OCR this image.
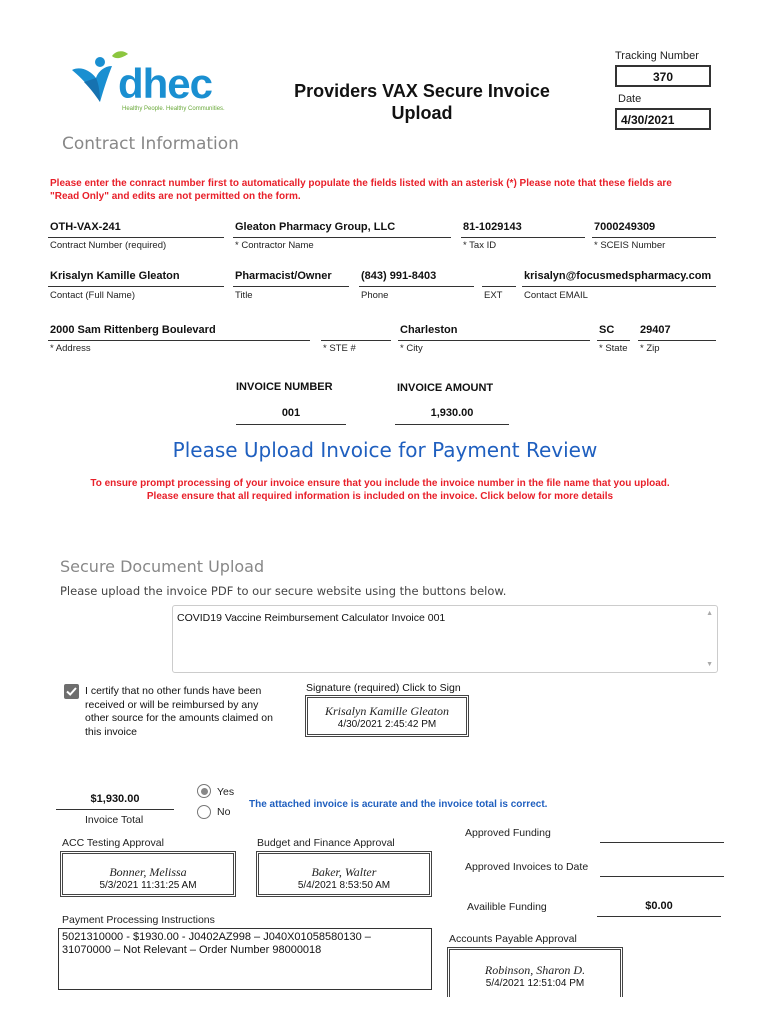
dhec
Healthy People. Healthy Communities.
Providers VAX Secure Invoice
Upload
Tracking Number
370
Date
4/30/2021
Contract Information
Please enter the conract number first to automatically populate the fields listed with an asterisk (*) Please note that these fields are "Read Only" and edits are not permitted on the form.
OTH-VAX-241
Contract Number (required)
Gleaton Pharmacy Group, LLC
* Contractor Name
81-1029143
* Tax ID
7000249309
* SCEIS Number
Krisalyn Kamille Gleaton
Contact (Full Name)
Pharmacist/Owner
Title
(843) 991-8403
Phone	EXT
krisalyn@focusmedspharmacy.com
Contact EMAIL
2000 Sam Rittenberg Boulevard
* Address	* STE #
Charleston
* City
SC
* State
29407
* Zip
INVOICE NUMBER
001
INVOICE AMOUNT
1,930.00
Please Upload Invoice for Payment Review
To ensure prompt processing of your invoice ensure that you include the invoice number in the file name that you upload.
Please ensure that all required information is included on the invoice. Click below for more details
Secure Document Upload
Please upload the invoice PDF to our secure website using the buttons below.
COVID19 Vaccine Reimbursement Calculator Invoice 001	▲
▼
I certify that no other funds have been
received or will be reimbursed by any
other source for the amounts claimed on
this invoice
Signature (required) Click to Sign
Krisalyn Kamille Gleaton
4/30/2021 2:45:42 PM
$1,930.00
Invoice Total
Yes
No
The attached invoice is acurate and the invoice total is correct.
ACC Testing Approval
Bonner, Melissa
5/3/2021 11:31:25 AM
Budget and Finance Approval
Baker, Walter
5/4/2021 8:53:50 AM
Approved Funding
Approved Invoices to Date
Availible Funding	$0.00
Payment Processing Instructions
5021310000 - $1930.00 - J0402AZ998 – J040X01058580130 –
31070000 – Not Relevant – Order Number 98000018
Accounts Payable Approval
Robinson, Sharon D.
5/4/2021 12:51:04 PM
